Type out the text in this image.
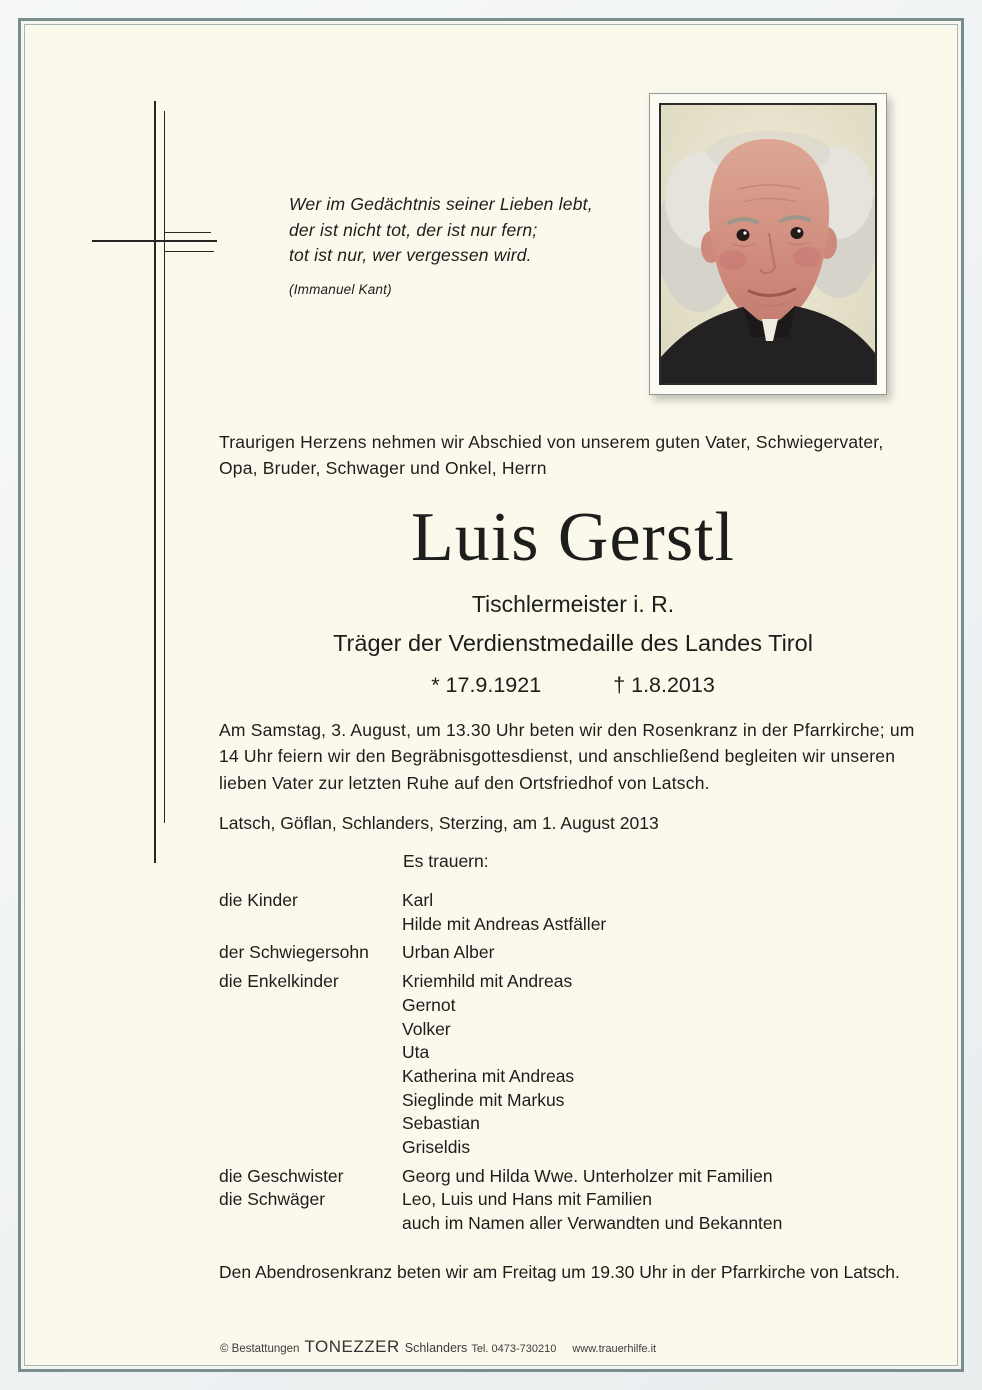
Wer im Gedächtnis seiner Lieben lebt,
der ist nicht tot, der ist nur fern;
tot ist nur, wer vergessen wird.
(Immanuel Kant)
Traurigen Herzens nehmen wir Abschied von unserem guten Vater, Schwiegervater, Opa, Bruder, Schwager und Onkel, Herrn
Luis Gerstl
Tischlermeister i. R.
Träger der Verdienstmedaille des Landes Tirol
* 17.9.1921	† 1.8.2013
Am Samstag, 3. August, um 13.30 Uhr beten wir den Rosenkranz in der Pfarrkirche; um 14 Uhr feiern wir den Begräbnisgottesdienst, und anschließend begleiten wir unseren lieben Vater zur letzten Ruhe auf den Ortsfriedhof von Latsch.
Latsch, Göflan, Schlanders, Sterzing, am 1. August 2013
Es trauern:
die Kinder	Karl
Hilde mit Andreas Astfäller
der Schwiegersohn	Urban Alber
die Enkelkinder	Kriemhild mit Andreas
Gernot
Volker
Uta
Katherina mit Andreas
Sieglinde mit Markus
Sebastian
Griseldis
die Geschwister	Georg und Hilda Wwe. Unterholzer mit Familien
die Schwäger	Leo, Luis und Hans mit Familien
auch im Namen aller Verwandten und Bekannten
Den Abendrosenkranz beten wir am Freitag um 19.30 Uhr in der Pfarrkirche von Latsch.
© Bestattungen TONEZZER Schlanders Tel. 0473-730210 www.trauerhilfe.it
